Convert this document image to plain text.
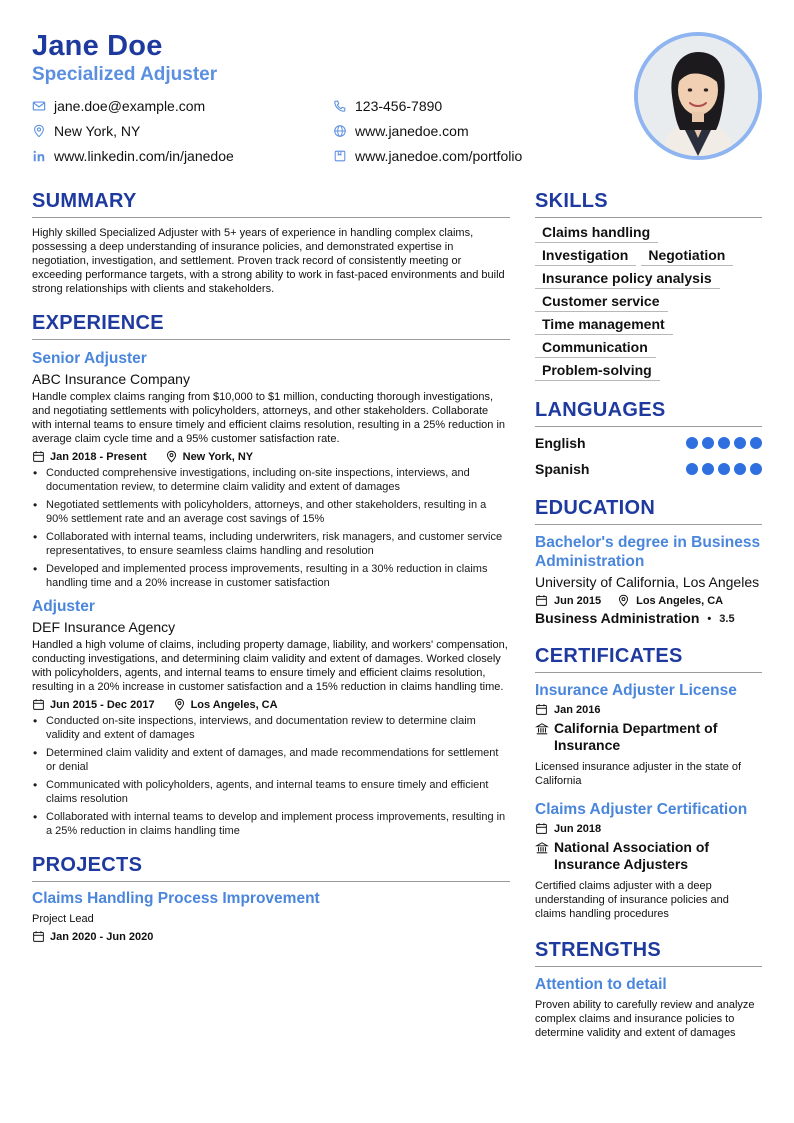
Jane Doe
Specialized Adjuster
jane.doe@example.com	123-456-7890
New York, NY	www.janedoe.com
www.linkedin.com/in/janedoe	www.janedoe.com/portfolio
SUMMARY
Highly skilled Specialized Adjuster with 5+ years of experience in handling complex claims, possessing a deep understanding of insurance policies, and demonstrated expertise in negotiation, investigation, and settlement. Proven track record of consistently meeting or exceeding performance targets, with a strong ability to work in fast-paced environments and build strong relationships with clients and stakeholders.
EXPERIENCE
Senior Adjuster
ABC Insurance Company
Handle complex claims ranging from $10,000 to $1 million, conducting thorough investigations, and negotiating settlements with policyholders, attorneys, and other stakeholders. Collaborate with internal teams to ensure timely and efficient claims resolution, resulting in a 25% reduction in average claim cycle time and a 95% customer satisfaction rate.
Jan 2018 - Present	New York, NY
• Conducted comprehensive investigations, including on-site inspections, interviews, and documentation review, to determine claim validity and extent of damages
• Negotiated settlements with policyholders, attorneys, and other stakeholders, resulting in a 90% settlement rate and an average cost savings of 15%
• Collaborated with internal teams, including underwriters, risk managers, and customer service representatives, to ensure seamless claims handling and resolution
• Developed and implemented process improvements, resulting in a 30% reduction in claims handling time and a 20% increase in customer satisfaction
Adjuster
DEF Insurance Agency
Handled a high volume of claims, including property damage, liability, and workers' compensation, conducting investigations, and determining claim validity and extent of damages. Worked closely with policyholders, agents, and internal teams to ensure timely and efficient claims resolution, resulting in a 20% increase in customer satisfaction and a 15% reduction in claims handling time.
Jun 2015 - Dec 2017	Los Angeles, CA
• Conducted on-site inspections, interviews, and documentation review to determine claim validity and extent of damages
• Determined claim validity and extent of damages, and made recommendations for settlement or denial
• Communicated with policyholders, agents, and internal teams to ensure timely and efficient claims resolution
• Collaborated with internal teams to develop and implement process improvements, resulting in a 25% reduction in claims handling time
PROJECTS
Claims Handling Process Improvement
Project Lead
Jan 2020 - Jun 2020
SKILLS
Claims handling
Investigation	Negotiation
Insurance policy analysis
Customer service
Time management
Communication
Problem-solving
LANGUAGES
English
Spanish
EDUCATION
Bachelor's degree in Business Administration
University of California, Los Angeles
Jun 2015	Los Angeles, CA
Business Administration • 3.5
CERTIFICATES
Insurance Adjuster License
Jan 2016
California Department of Insurance
Licensed insurance adjuster in the state of California
Claims Adjuster Certification
Jun 2018
National Association of Insurance Adjusters
Certified claims adjuster with a deep understanding of insurance policies and claims handling procedures
STRENGTHS
Attention to detail
Proven ability to carefully review and analyze complex claims and insurance policies to determine validity and extent of damages
